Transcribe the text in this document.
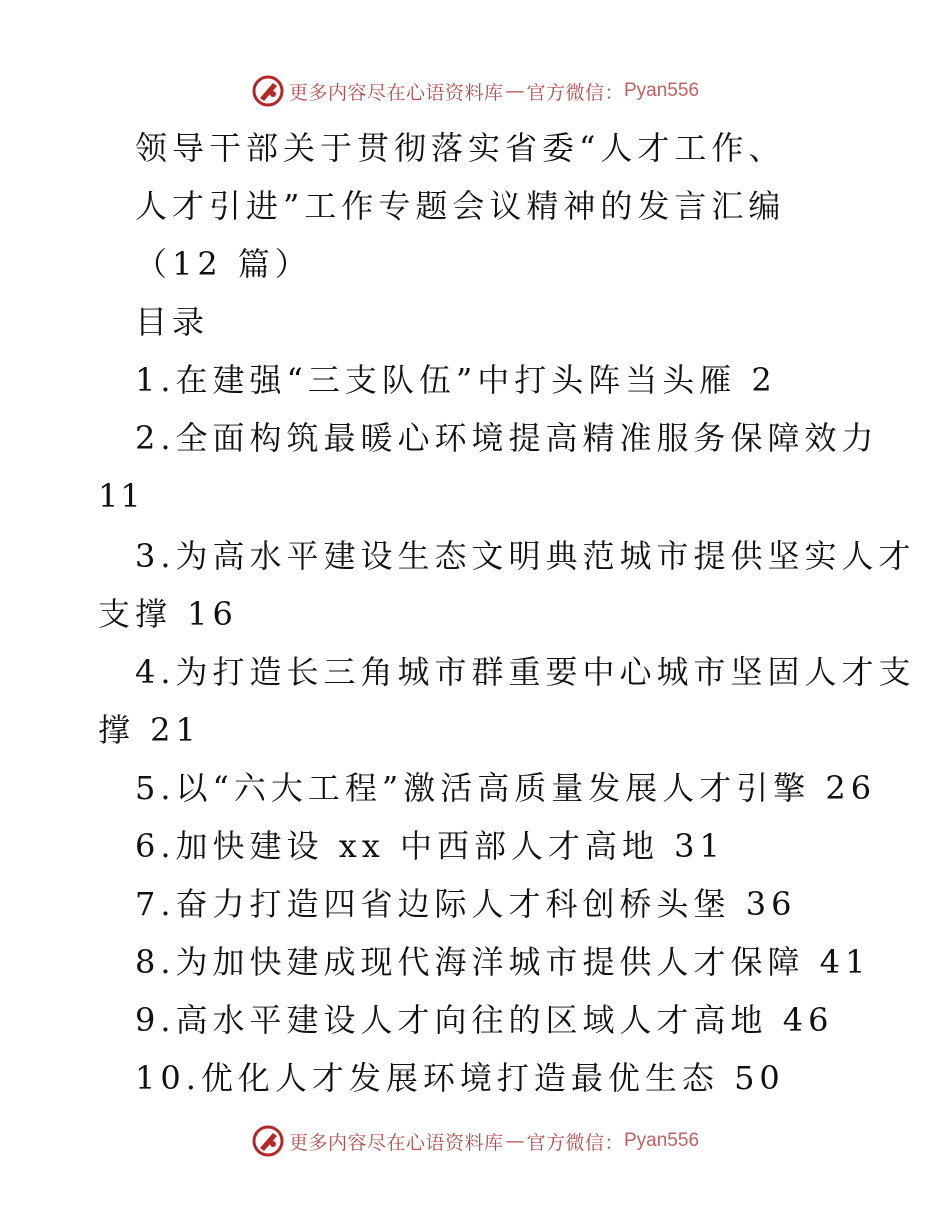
更多内容尽在心语资料库 — 官方微信： Pyan556
领导干部关于贯彻落实省委“人才工作、
人才引进”工作专题会议精神的发言汇编
（12 篇）
目录
1.在建强“三支队伍”中打头阵当头雁 2
2.全面构筑最暖心环境提高精准服务保障效力
11
3.为高水平建设生态文明典范城市提供坚实人才
支撑 16
4.为打造长三角城市群重要中心城市坚固人才支
撑 21
5.以“六大工程”激活高质量发展人才引擎 26
6.加快建设 xx 中西部人才高地 31
7.奋力打造四省边际人才科创桥头堡 36
8.为加快建成现代海洋城市提供人才保障 41
9.高水平建设人才向往的区域人才高地 46
10.优化人才发展环境打造最优生态 50
更多内容尽在心语资料库 — 官方微信： Pyan556
